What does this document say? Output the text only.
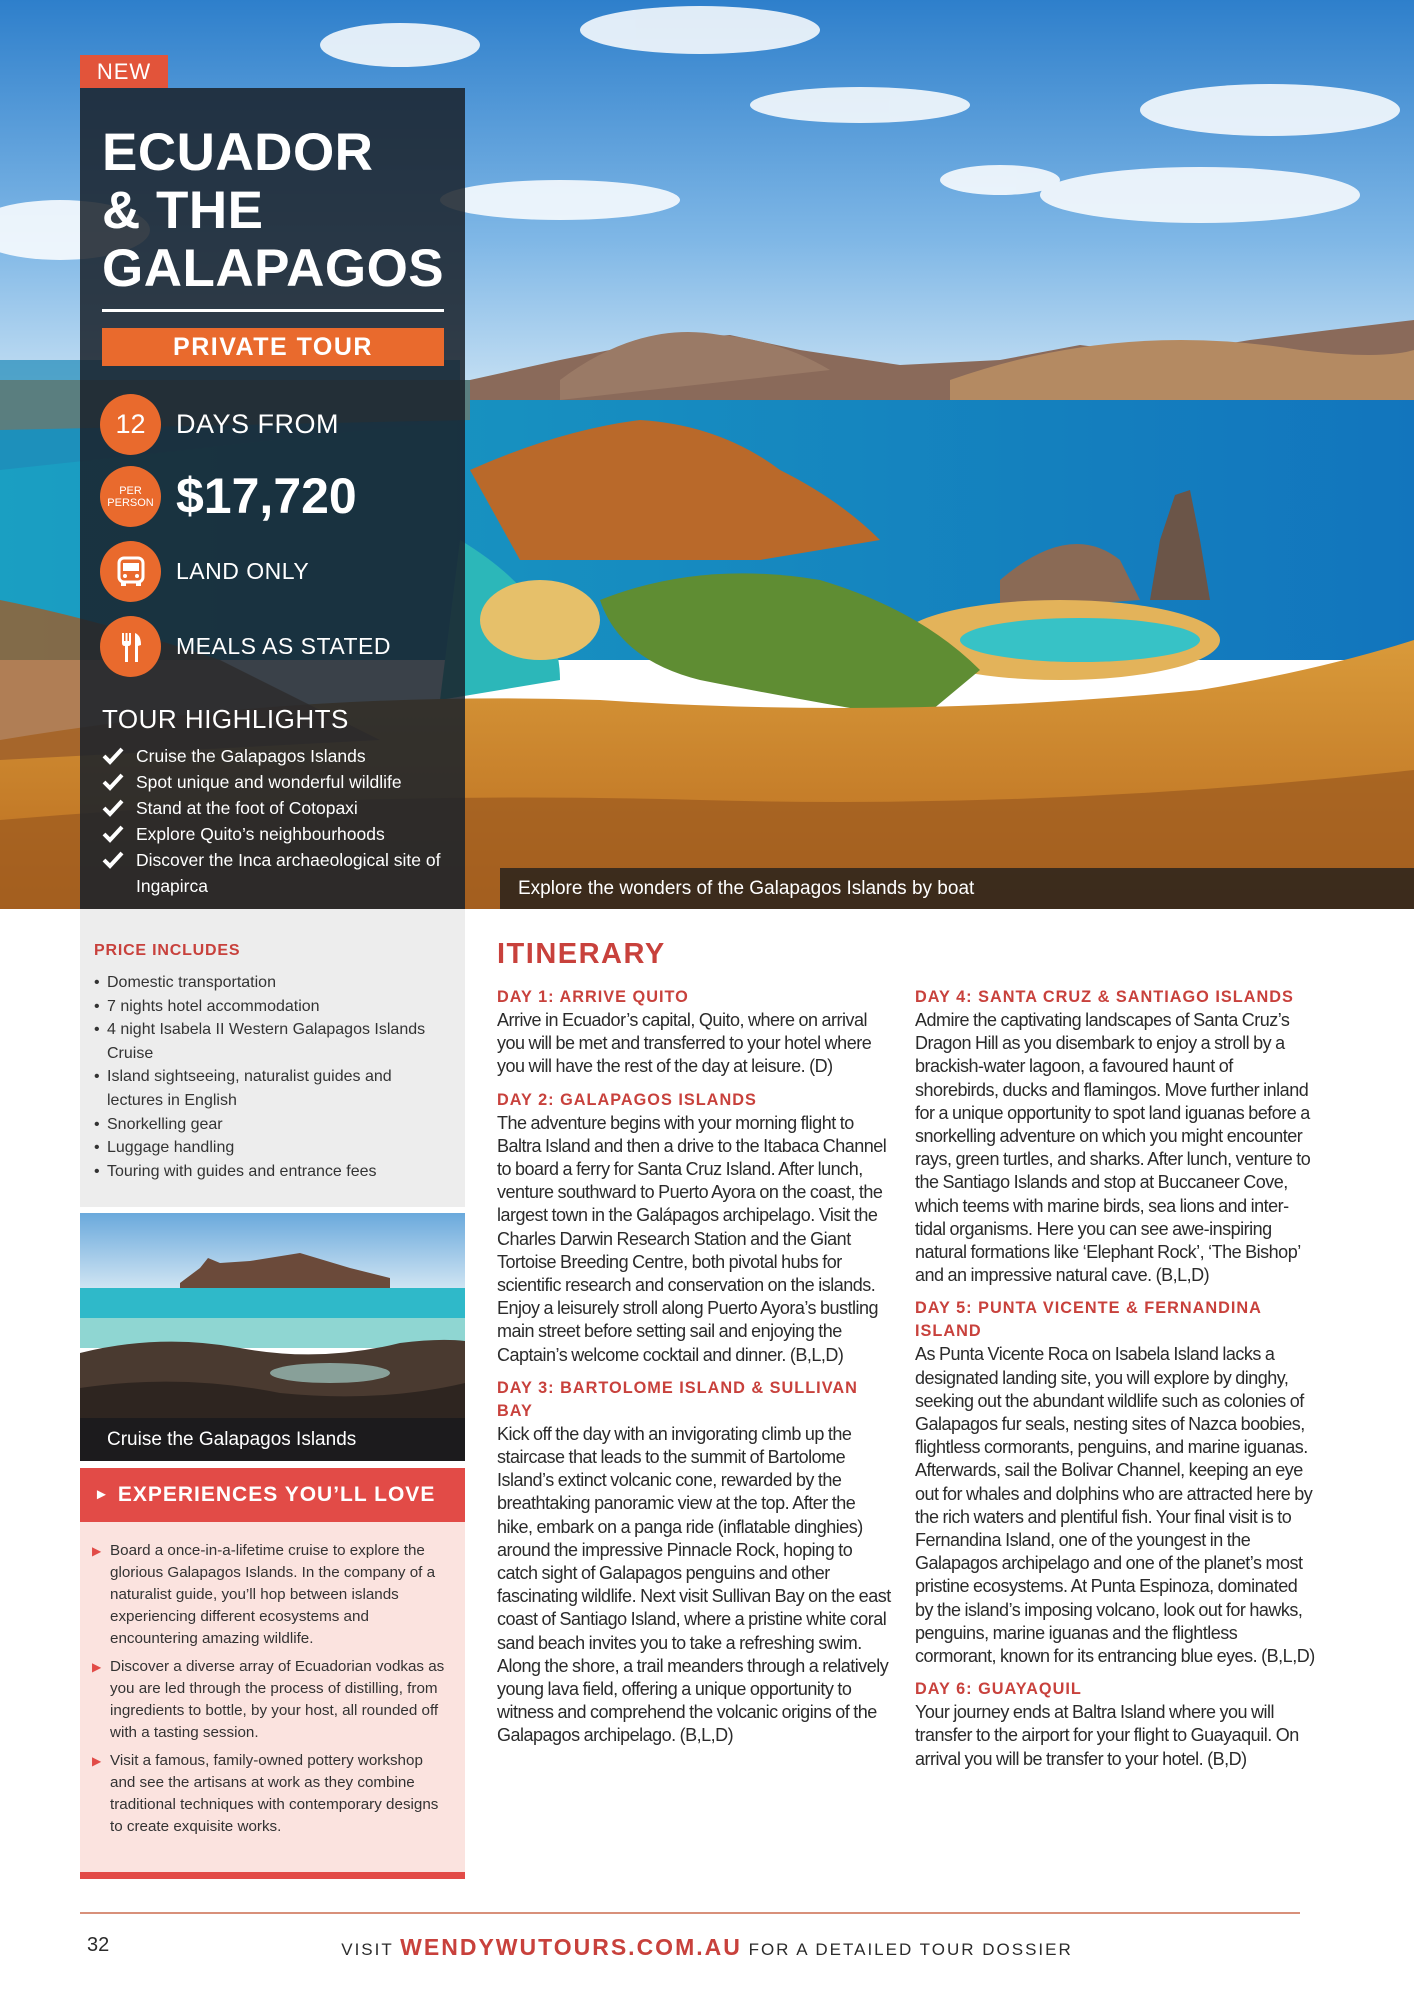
Explore the wonders of the Galapagos Islands by boat
NEW
ECUADOR
& THE
GALAPAGOS
PRIVATE TOUR
12	DAYS FROM
PER
PERSON $17,720
LAND ONLY
MEALS AS STATED
TOUR HIGHLIGHTS
Cruise the Galapagos Islands
Spot unique and wonderful wildlife
Stand at the foot of Cotopaxi
Explore Quito’s neighbourhoods
Discover the Inca archaeological site of Ingapirca
PRICE INCLUDES
• Domestic transportation
• 7 nights hotel accommodation
• 4 night Isabela II Western Galapagos Islands Cruise
• Island sightseeing, naturalist guides and lectures in English
• Snorkelling gear
• Luggage handling
• Touring with guides and entrance fees
Cruise the Galapagos Islands
► EXPERIENCES YOU’LL LOVE
▶ Board a once-in-a-lifetime cruise to explore the glorious Galapagos Islands. In the company of a naturalist guide, you’ll hop between islands experiencing different ecosystems and encountering amazing wildlife.
▶ Discover a diverse array of Ecuadorian vodkas as you are led through the process of distilling, from ingredients to bottle, by your host, all rounded off with a tasting session.
▶ Visit a famous, family-owned pottery workshop and see the artisans at work as they combine traditional techniques with contemporary designs to create exquisite works.
ITINERARY
DAY 1: ARRIVE QUITO

Arrive in Ecuador’s capital, Quito, where on arrival you will be met and transferred to your hotel where you will have the rest of the day at leisure. (D)

DAY 2: GALAPAGOS ISLANDS

The adventure begins with your morning flight to Baltra Island and then a drive to the Itabaca Channel to board a ferry for Santa Cruz Island. After lunch, venture southward to Puerto Ayora on the coast, the largest town in the Galápagos archipelago. Visit the Charles Darwin Research Station and the Giant Tortoise Breeding Centre, both pivotal hubs for scientific research and conservation on the islands. Enjoy a leisurely stroll along Puerto Ayora’s bustling main street before setting sail and enjoying the Captain’s welcome cocktail and dinner. (B,L,D)

DAY 3: BARTOLOME ISLAND & SULLIVAN BAY

Kick off the day with an invigorating climb up the staircase that leads to the summit of Bartolome Island’s extinct volcanic cone, rewarded by the breathtaking panoramic view at the top. After the hike, embark on a panga ride (inflatable dinghies) around the impressive Pinnacle Rock, hoping to catch sight of Galapagos penguins and other fascinating wildlife. Next visit Sullivan Bay on the east coast of Santiago Island, where a pristine white coral sand beach invites you to take a refreshing swim. Along the shore, a trail meanders through a relatively young lava field, offering a unique opportunity to witness and comprehend the volcanic origins of the Galapagos archipelago. (B,L,D)

DAY 4: SANTA CRUZ & SANTIAGO ISLANDS

Admire the captivating landscapes of Santa Cruz’s Dragon Hill as you disembark to enjoy a stroll by a brackish-water lagoon, a favoured haunt of shorebirds, ducks and flamingos. Move further inland for a unique opportunity to spot land iguanas before a snorkelling adventure on which you might encounter rays, green turtles, and sharks. After lunch, venture to the Santiago Islands and stop at Buccaneer Cove, which teems with marine birds, sea lions and inter-tidal organisms. Here you can see awe-inspiring natural formations like ‘Elephant Rock’, ‘The Bishop’ and an impressive natural cave. (B,L,D)

DAY 5: PUNTA VICENTE & FERNANDINA ISLAND

As Punta Vicente Roca on Isabela Island lacks a designated landing site, you will explore by dinghy, seeking out the abundant wildlife such as colonies of Galapagos fur seals, nesting sites of Nazca boobies, flightless cormorants, penguins, and marine iguanas. Afterwards, sail the Bolivar Channel, keeping an eye out for whales and dolphins who are attracted here by the rich waters and plentiful fish. Your final visit is to Fernandina Island, one of the youngest in the Galapagos archipelago and one of the planet’s most pristine ecosystems. At Punta Espinoza, dominated by the island’s imposing volcano, look out for hawks, penguins, marine iguanas and the flightless cormorant, known for its entrancing blue eyes. (B,L,D)

DAY 6: GUAYAQUIL

Your journey ends at Baltra Island where you will transfer to the airport for your flight to Guayaquil. On arrival you will be transfer to your hotel. (B,D)

32	VISIT WENDYWUTOURS.COM.AU FOR A DETAILED TOUR DOSSIER
